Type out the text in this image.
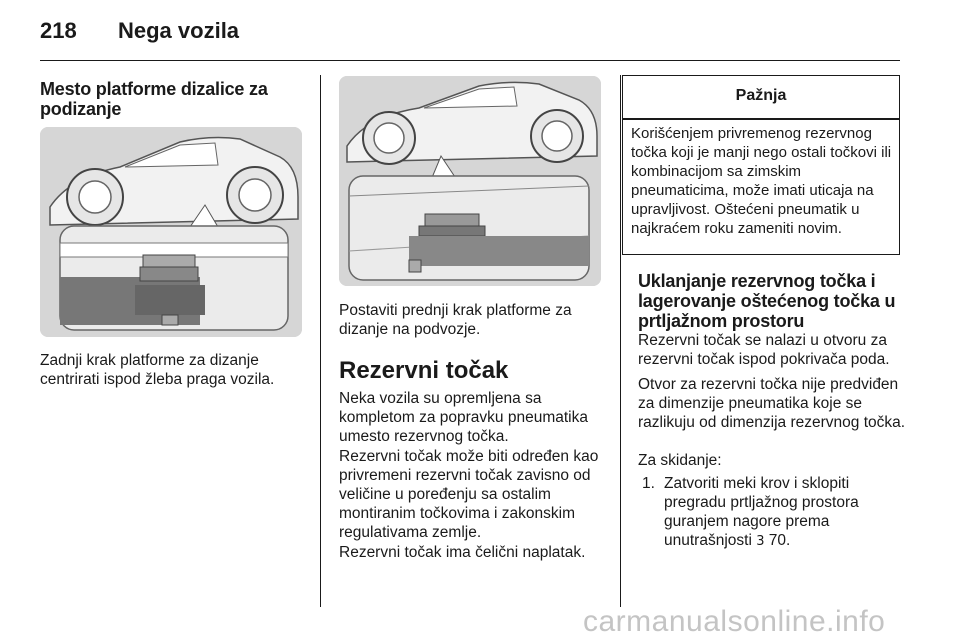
218 Nega vozila
Mesto platforme dizalice za podizanje
Zadnji krak platforme za dizanje centrirati ispod žleba praga vozila.
Postaviti prednji krak platforme za dizanje na podvozje.
Rezervni točak
Neka vozila su opremljena sa kompletom za popravku pneumatika umesto rezervnog točka.
Rezervni točak može biti određen kao privremeni rezervni točak zavisno od veličine u poređenju sa ostalim montiranim točkovima i zakonskim regulativama zemlje.
Rezervni točak ima čelični naplatak.
Pažnja
Korišćenjem privremenog rezervnog točka koji je manji nego ostali točkovi ili kombinacijom sa zimskim pneumaticima, može imati uticaja na upravljivost. Oštećeni pneumatik u najkraćem roku zameniti novim.
Uklanjanje rezervnog točka i lagerovanje oštećenog točka u prtljažnom prostoru
Rezervni točak se nalazi u otvoru za rezervni točak ispod pokrivača poda.
Otvor za rezervni točka nije predviđen za dimenzije pneumatika koje se razlikuju od dimenzija rezervnog točka.
Za skidanje:
1. Zatvoriti meki krov i sklopiti pregradu prtljažnog prostora guranjem nagore prema unutrašnjosti 3 70.
carmanualsonline.info
